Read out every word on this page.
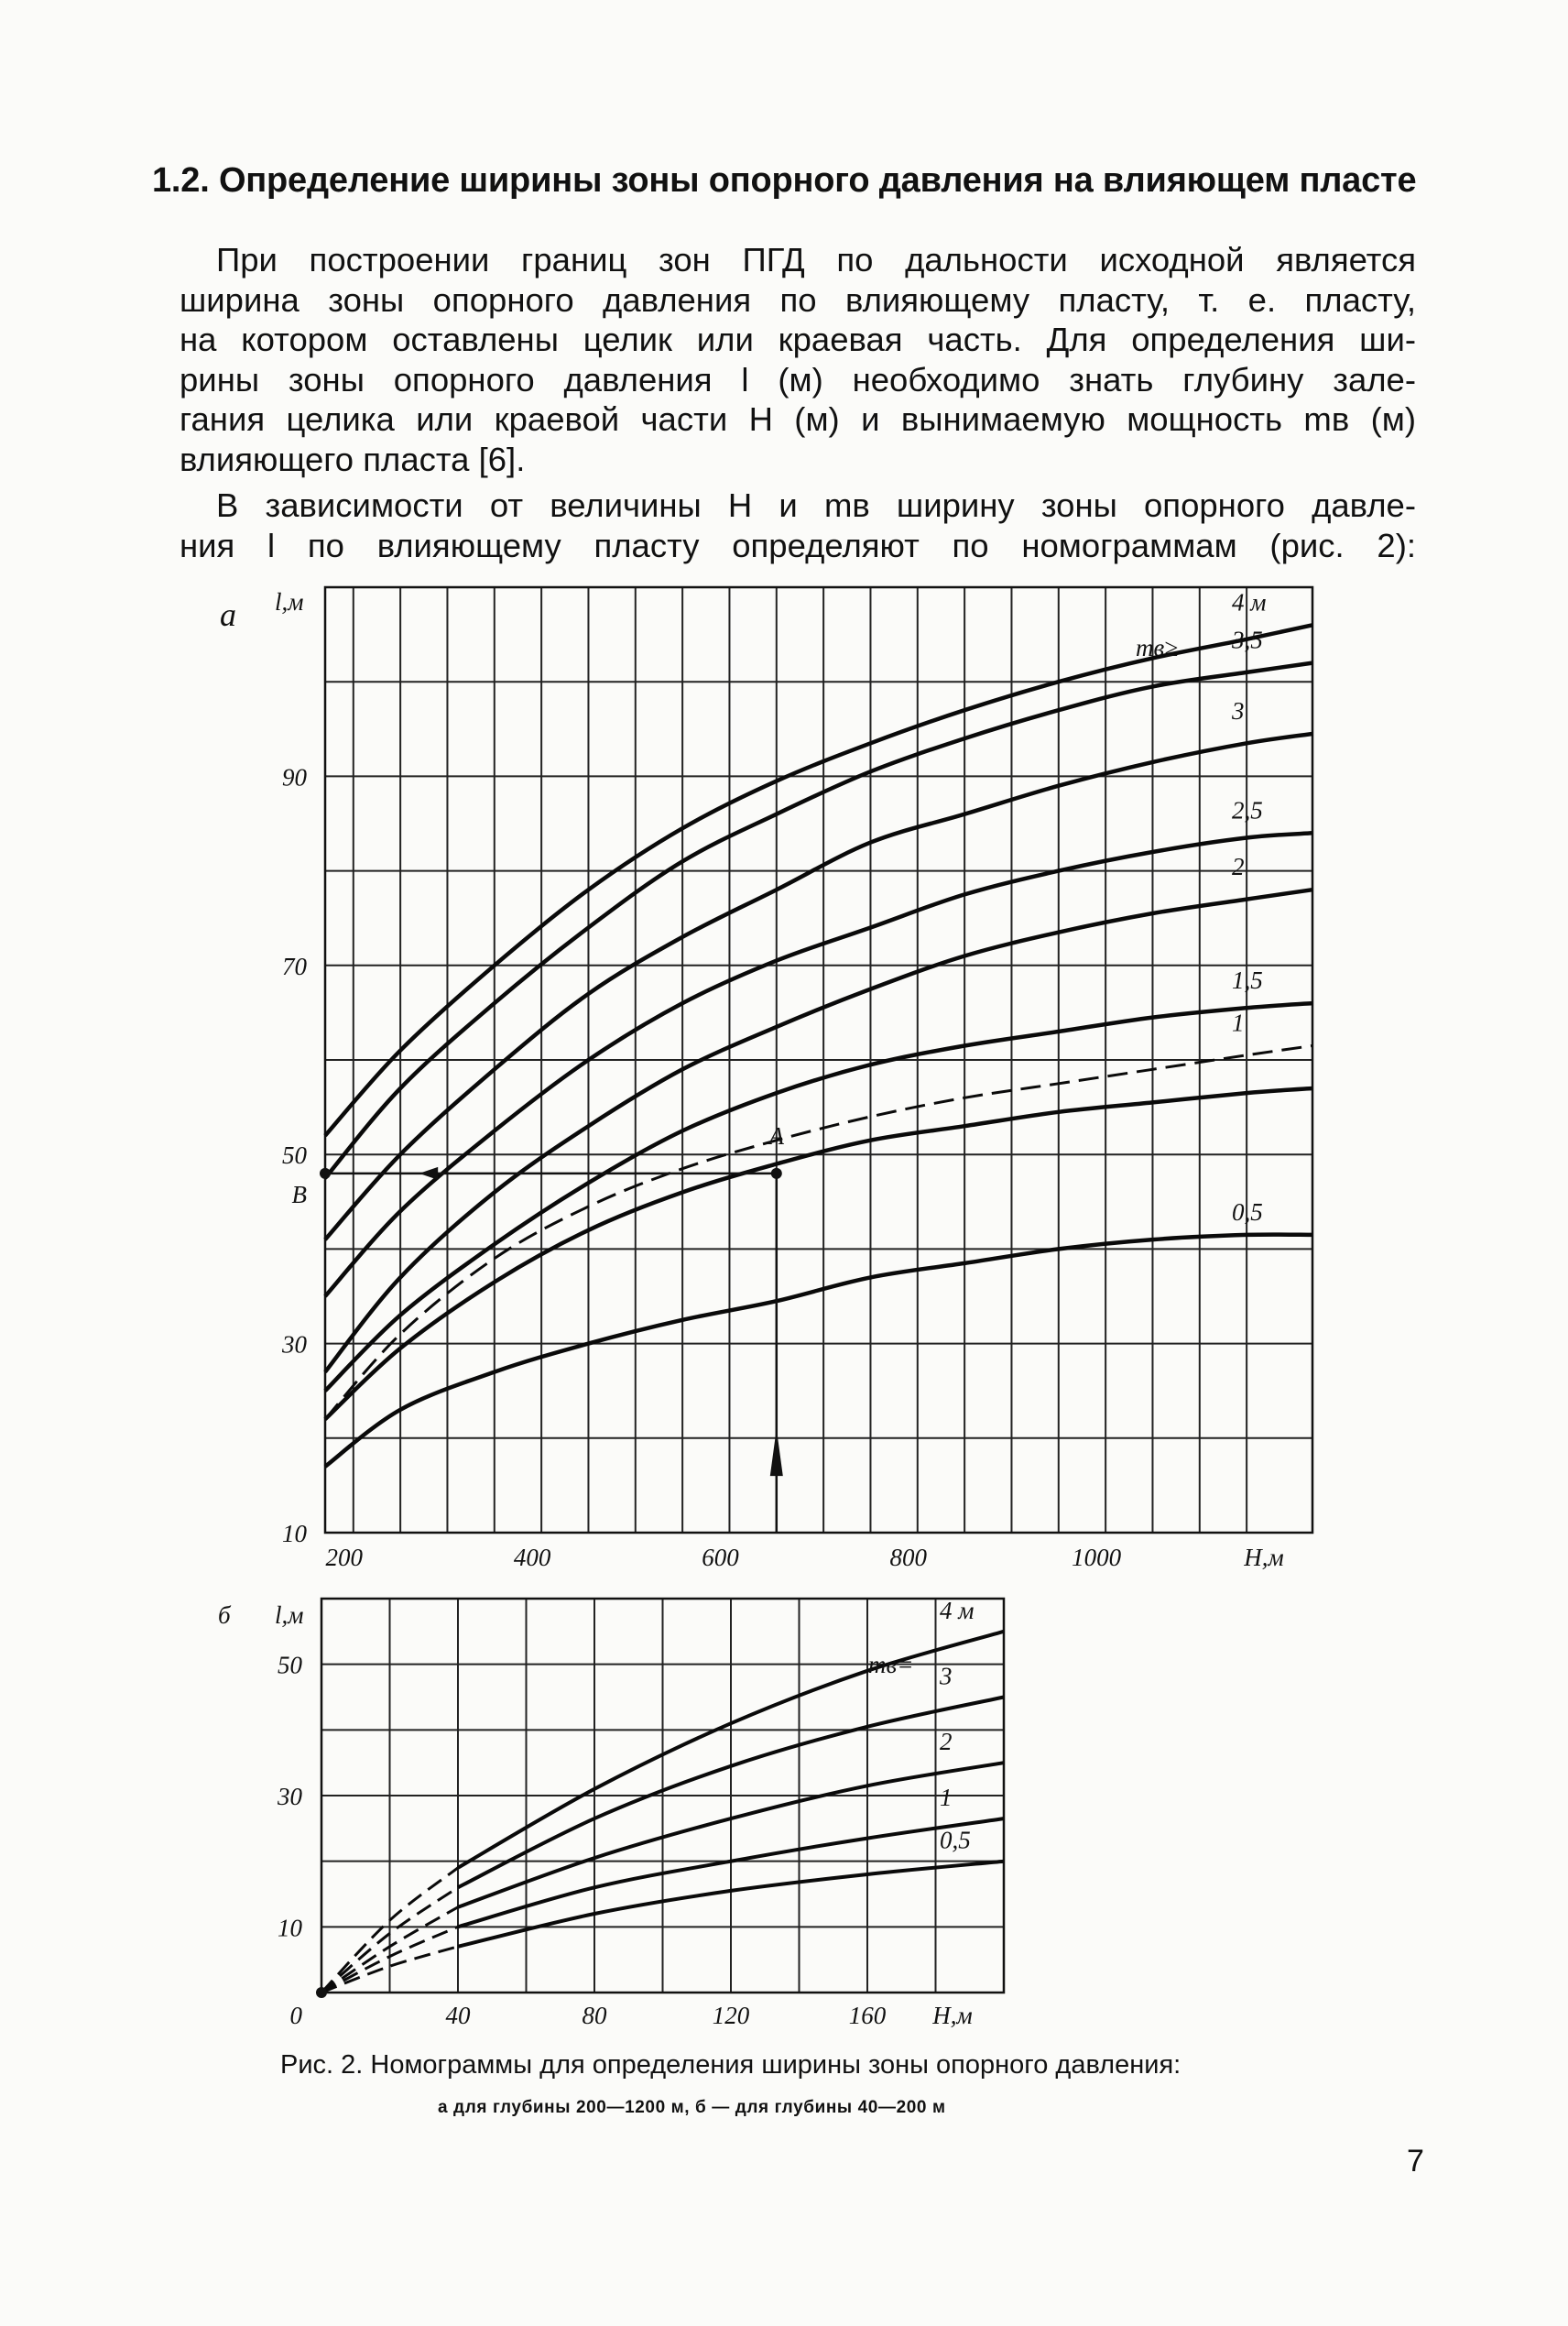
1.2. Определение ширины зоны опорного давления на влияющем пласте
При построении границ зон ПГД по дальности исходной является
ширина зоны опорного давления по влияющему пласту, т. е. пласту,
на котором оставлены целик или краевая часть. Для определения ши-
рины зоны опорного давления l (м) необходимо знать глубину зале-
гания целика или краевой части H (м) и вынимаемую мощность mв (м)
влияющего пласта [6].
В зависимости от величины H и mв ширину зоны опорного давле-
ния l по влияющему пласту определяют по номограммам (рис. 2):
а
200	400	600	800	1000
10
30
50
70
90
l,м
H,м
4 м
3,5
3
2,5
2
1,5
1
0,5
mв≥
А
В
40	80	120	160
0
10
30
50
l,м
Н,м
б	4 м
3
2
1
0,5
mв=
Рис. 2. Номограммы для определения ширины зоны опорного давления:
а для глубины 200—1200 м, б — для глубины 40—200 м
7
